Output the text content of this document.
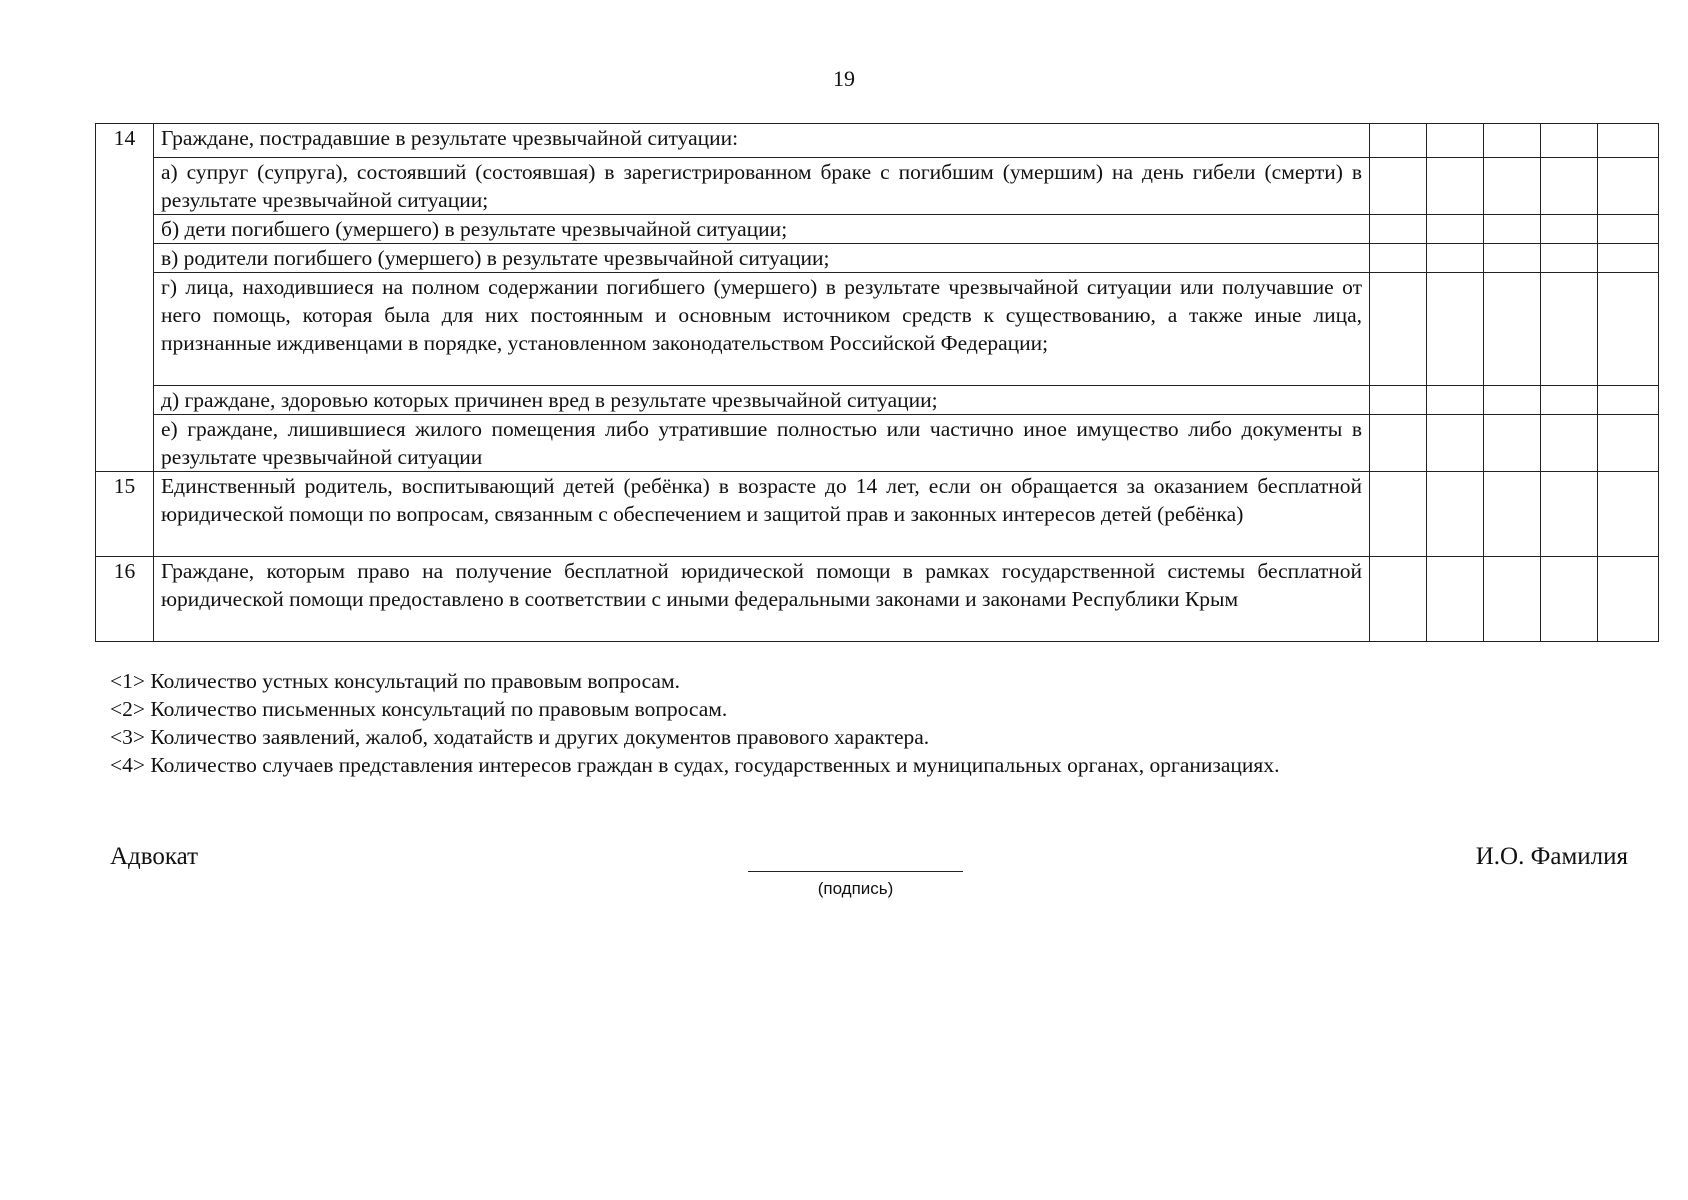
19
14	Граждане, пострадавшие в результате чрезвычайной ситуации:					
	а) супруг (супруга), состоявший (состоявшая) в зарегистрированном браке с погибшим (умершим) на день гибели (смерти) в результате чрезвычайной ситуации;					
	б) дети погибшего (умершего) в результате чрезвычайной ситуации;					
	в) родители погибшего (умершего) в результате чрезвычайной ситуации;					
	г) лица, находившиеся на полном содержании погибшего (умершего) в результате чрезвычайной ситуации или получавшие от него помощь, которая была для них постоянным и основным источником средств к существованию, а также иные лица, признанные иждивенцами в порядке, установленном законодательством Российской Федерации;					
	д) граждане, здоровью которых причинен вред в результате чрезвычайной ситуации;					
	е) граждане, лишившиеся жилого помещения либо утратившие полностью или частично иное имущество либо документы в результате чрезвычайной ситуации					
15	Единственный родитель, воспитывающий детей (ребёнка) в возрасте до 14 лет, если он обращается за оказанием бесплатной юридической помощи по вопросам, связанным с обеспечением и защитой прав и законных интересов детей (ребёнка)					
16	Граждане, которым право на получение бесплатной юридической помощи в рамках государственной системы бесплатной юридической помощи предоставлено в соответствии с иными федеральными законами и законами Республики Крым					

<1> Количество устных консультаций по правовым вопросам.

<2> Количество письменных консультаций по правовым вопросам.

<3> Количество заявлений, жалоб, ходатайств и других документов правового характера.

<4> Количество случаев представления интересов граждан в судах, государственных и муниципальных органах, организациях.

Адвокат
(подпись)
И.О. Фамилия
